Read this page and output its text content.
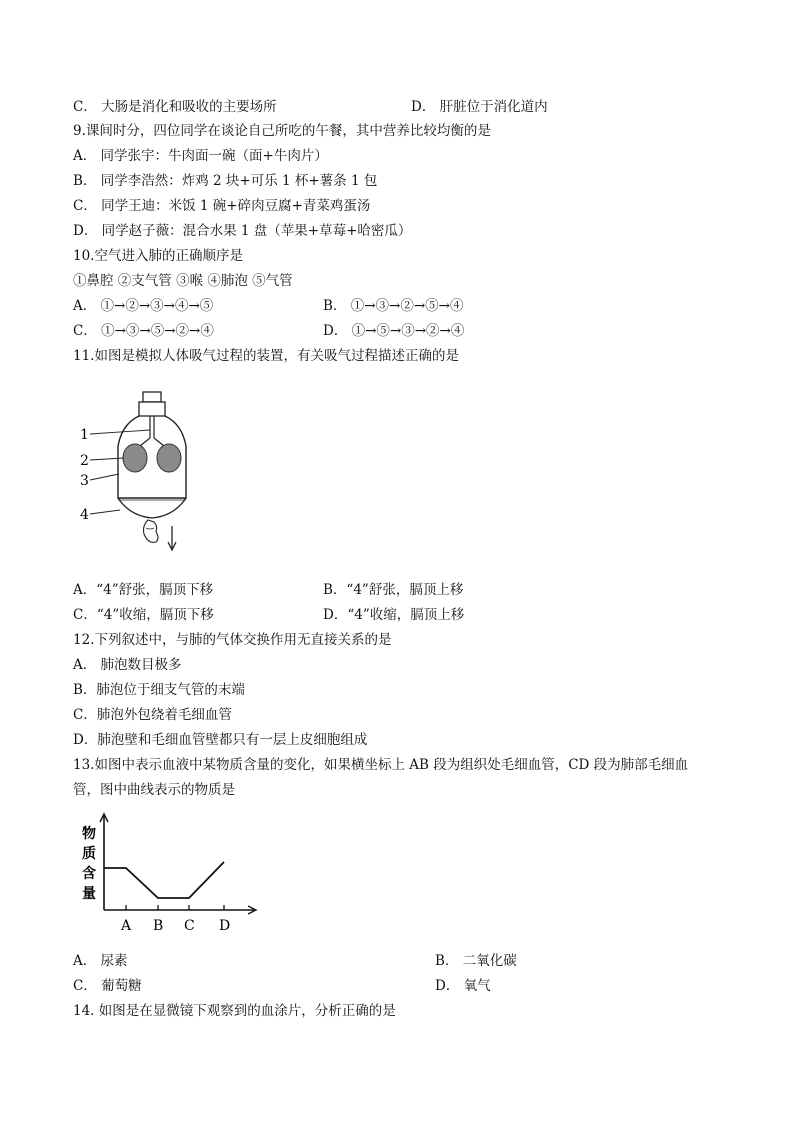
C． 大肠是消化和吸收的主要场所	D． 肝脏位于消化道内
9.课间时分，四位同学在谈论自己所吃的午餐，其中营养比较均衡的是
A． 同学张宇：牛肉面一碗（面+牛肉片）
B． 同学李浩然：炸鸡 2 块+可乐 1 杯+薯条 1 包
C． 同学王迪：米饭 1 碗+碎肉豆腐+青菜鸡蛋汤
D． 同学赵子薇：混合水果 1 盘（苹果+草莓+哈密瓜）
10.空气进入肺的正确顺序是
①鼻腔 ②支气管 ③喉 ④肺泡 ⑤气管
A． ①→②→③→④→⑤	B． ①→③→②→⑤→④
C． ①→③→⑤→②→④	D． ①→⑤→③→②→④
11.如图是模拟人体吸气过程的装置，有关吸气过程描述正确的是
1
2
3
4
A．“4”舒张，膈顶下移	B．“4”舒张，膈顶上移
C．“4”收缩，膈顶下移	D．“4”收缩，膈顶上移
12.下列叙述中，与肺的气体交换作用无直接关系的是
A． 肺泡数目极多
B．肺泡位于细支气管的末端
C．肺泡外包绕着毛细血管
D．肺泡壁和毛细血管壁都只有一层上皮细胞组成
13.如图中表示血液中某物质含量的变化，如果横坐标上 AB 段为组织处毛细血管，CD 段为肺部毛细血
管，图中曲线表示的物质是
物
质
含
量
A B C D
A． 尿素	B． 二氧化碳
C． 葡萄糖	D． 氧气
14. 如图是在显微镜下观察到的血涂片，分析正确的是
